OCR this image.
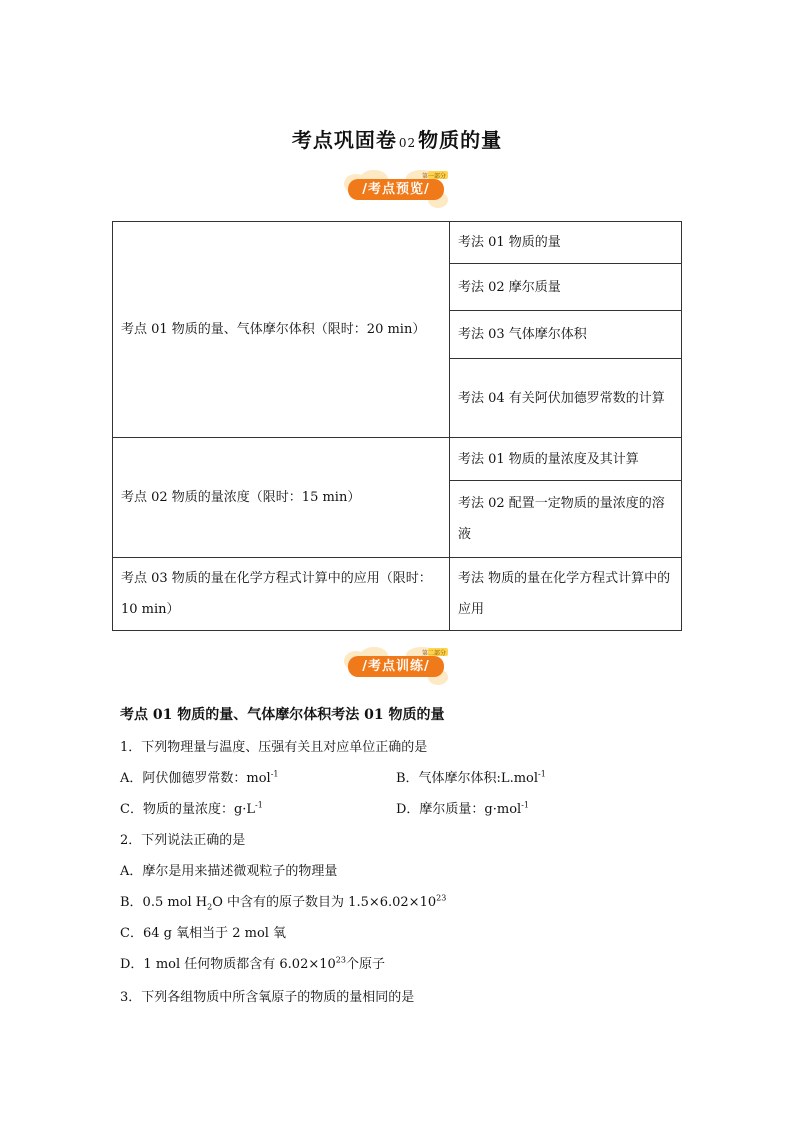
考点巩固卷 02 物质的量
/考点预览/
第一部分
考点 01 物质的量、气体摩尔体积（限时：20 min）	考法 01 物质的量
	考法 02 摩尔质量
	考法 03 气体摩尔体积
	考法 04 有关阿伏加德罗常数的计算
考点 02 物质的量浓度（限时：15 min）	考法 01 物质的量浓度及其计算
	考法 02 配置一定物质的量浓度的溶液
考点 03 物质的量在化学方程式计算中的应用（限时：10 min）	考法 物质的量在化学方程式计算中的应用
/考点训练/
第二部分
考点 01 物质的量、气体摩尔体积考法 01 物质的量
1．下列物理量与温度、压强有关且对应单位正确的是
A．阿伏伽德罗常数：mol$^{-1}$	B．气体摩尔体积:L.mol$^{-1}$
C．物质的量浓度：$g\cdot L^{-1}$	D．摩尔质量：g·mol$^{-1}$
2．下列说法正确的是
A．摩尔是用来描述微观粒子的物理量
B．0.5 mol $H_2O$ 中含有的原子数目为 $1.5\times 6.02\times 10^{23}$
C．64 g 氧相当于 2 mol 氧
D．1 mol 任何物质都含有 $6.02\times 10^{23}$个原子
3．下列各组物质中所含氧原子的物质的量相同的是
